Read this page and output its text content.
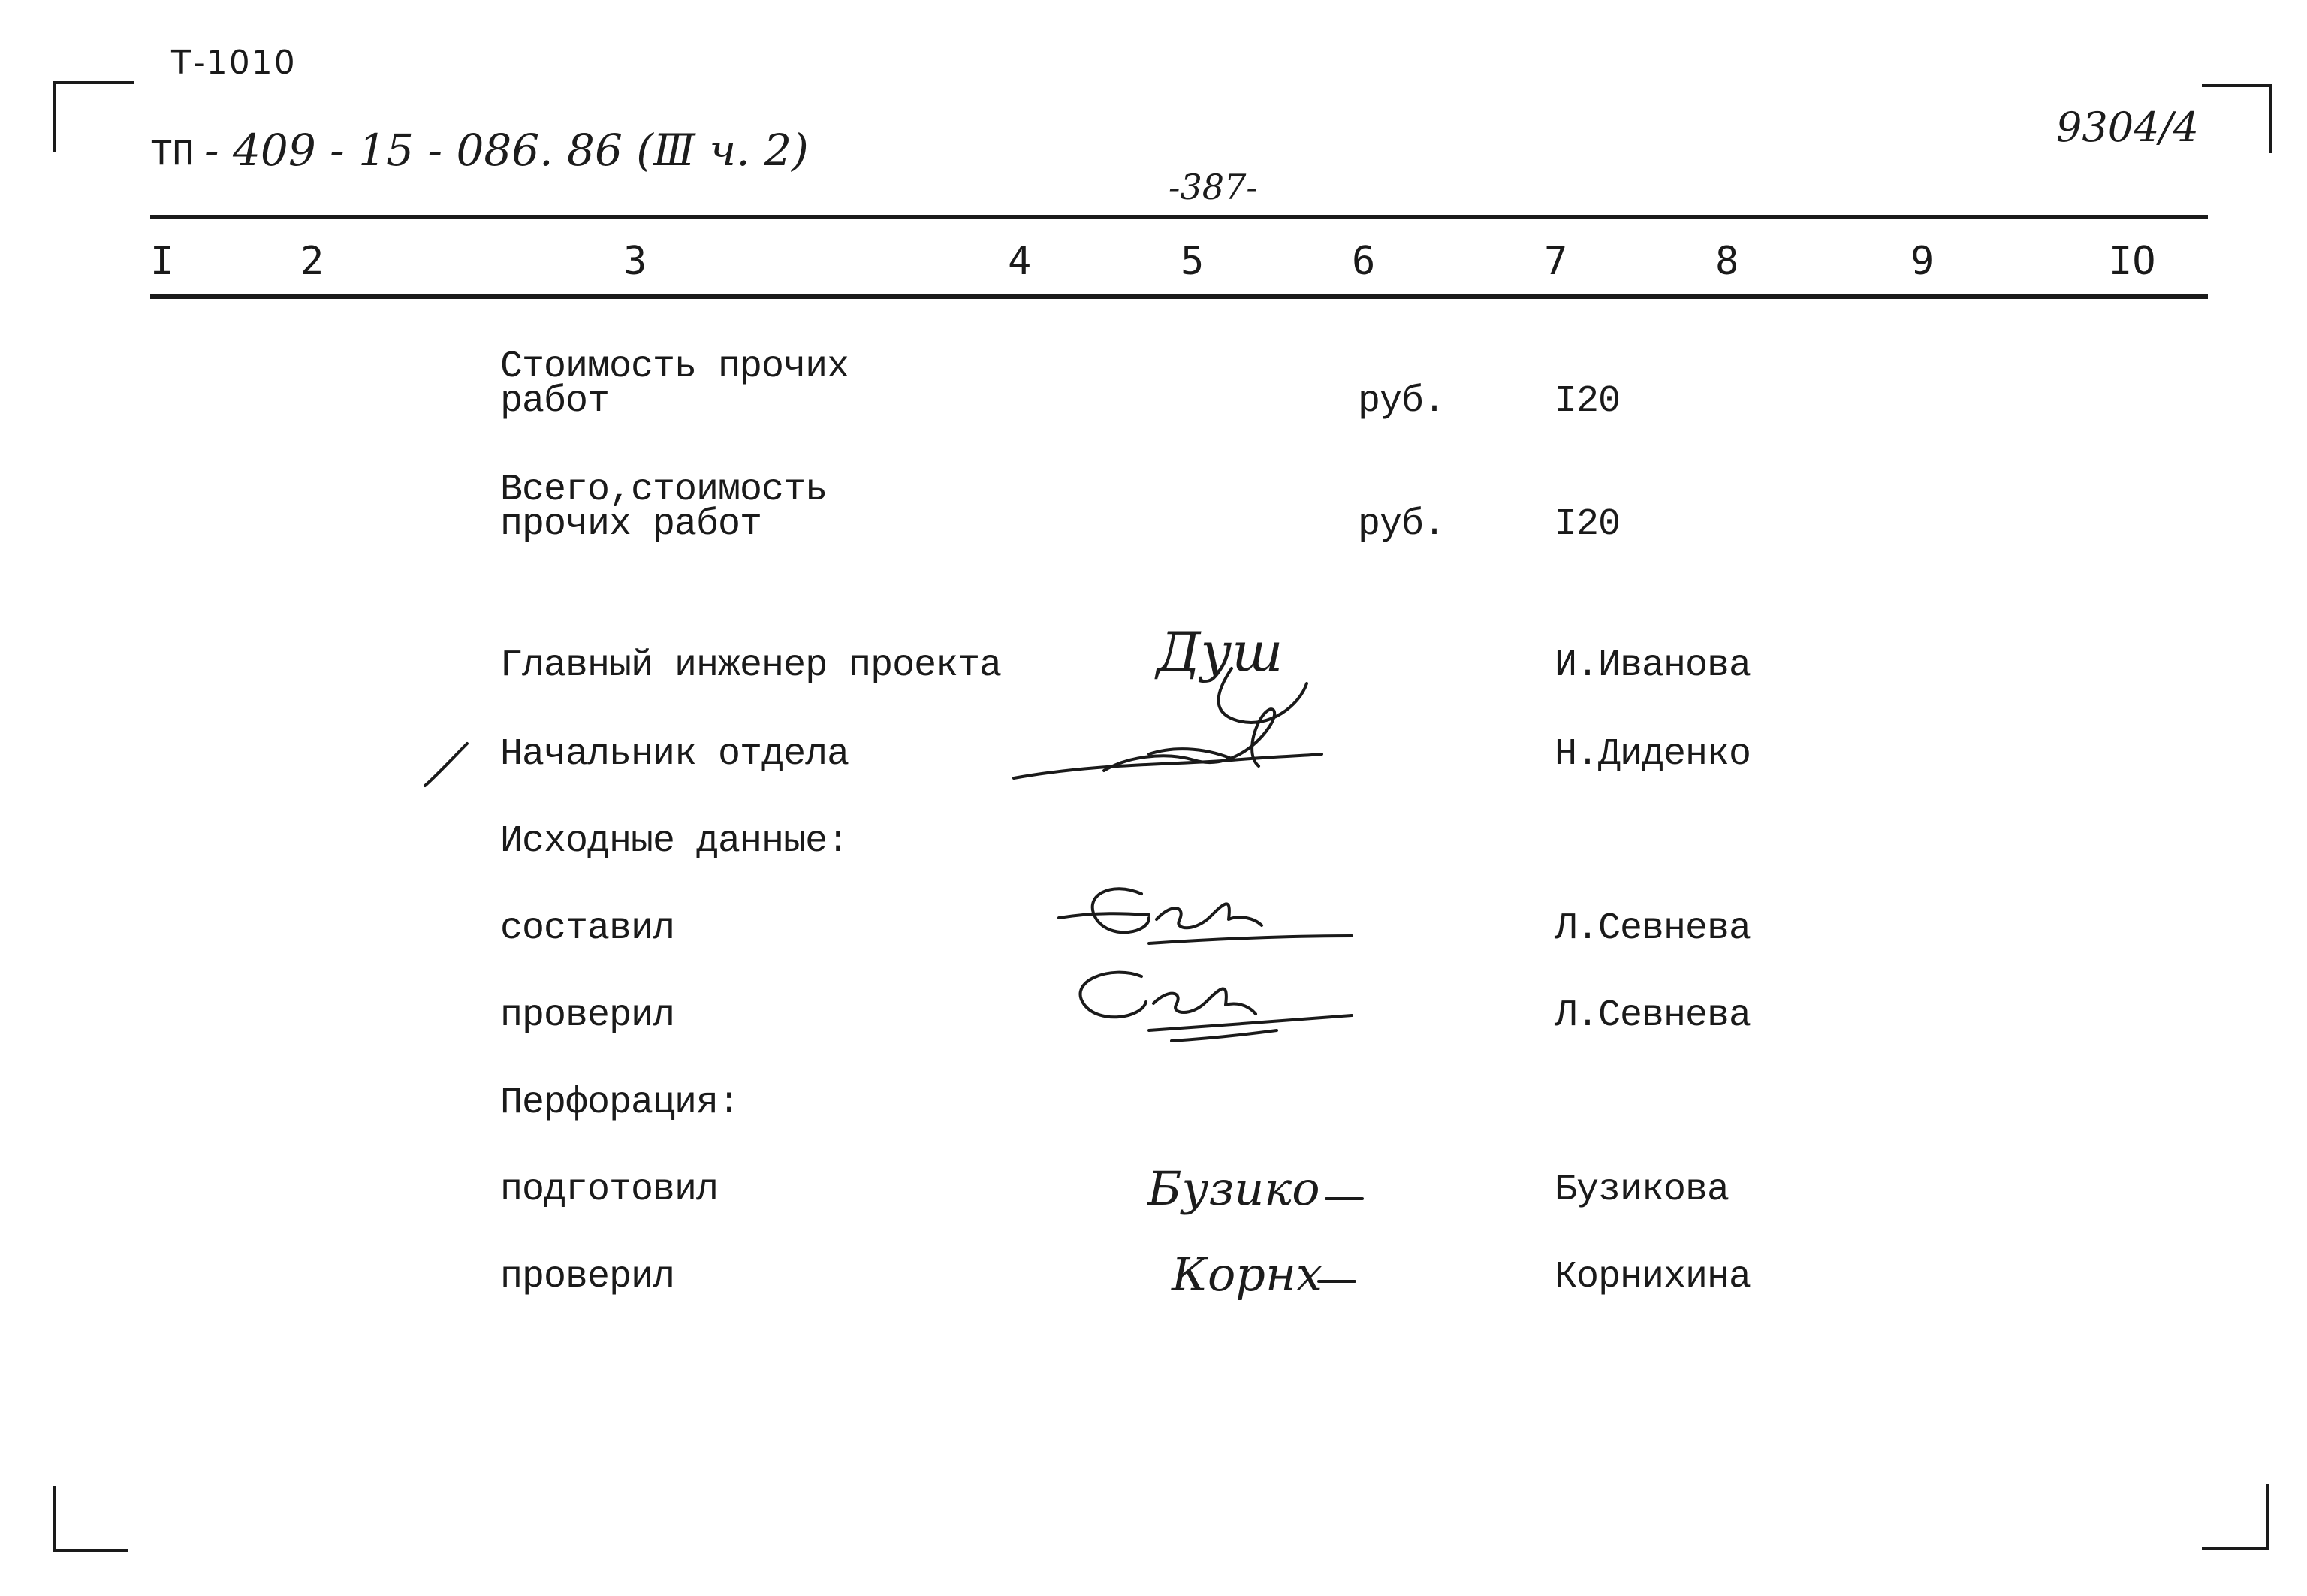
Т-1010
ТП - 409 - 15 - 086. 86 (Ⅲ ч. 2)
-387-
9304/4
I	2	3	4	5	6	7	8	9	IO
Стоимость прочих
работ	руб.	I20
Всего,стоимость
прочих работ	руб.	I20
Главный инженер проекта	Душ	И.Иванова
Начальник отдела	Н.Диденко
Исходные данные:
составил	Л.Севнева
проверил	Л.Севнева
Перфорация:
подготовил	Бузико	Бузикова
проверил	Корнх	Корнихина
